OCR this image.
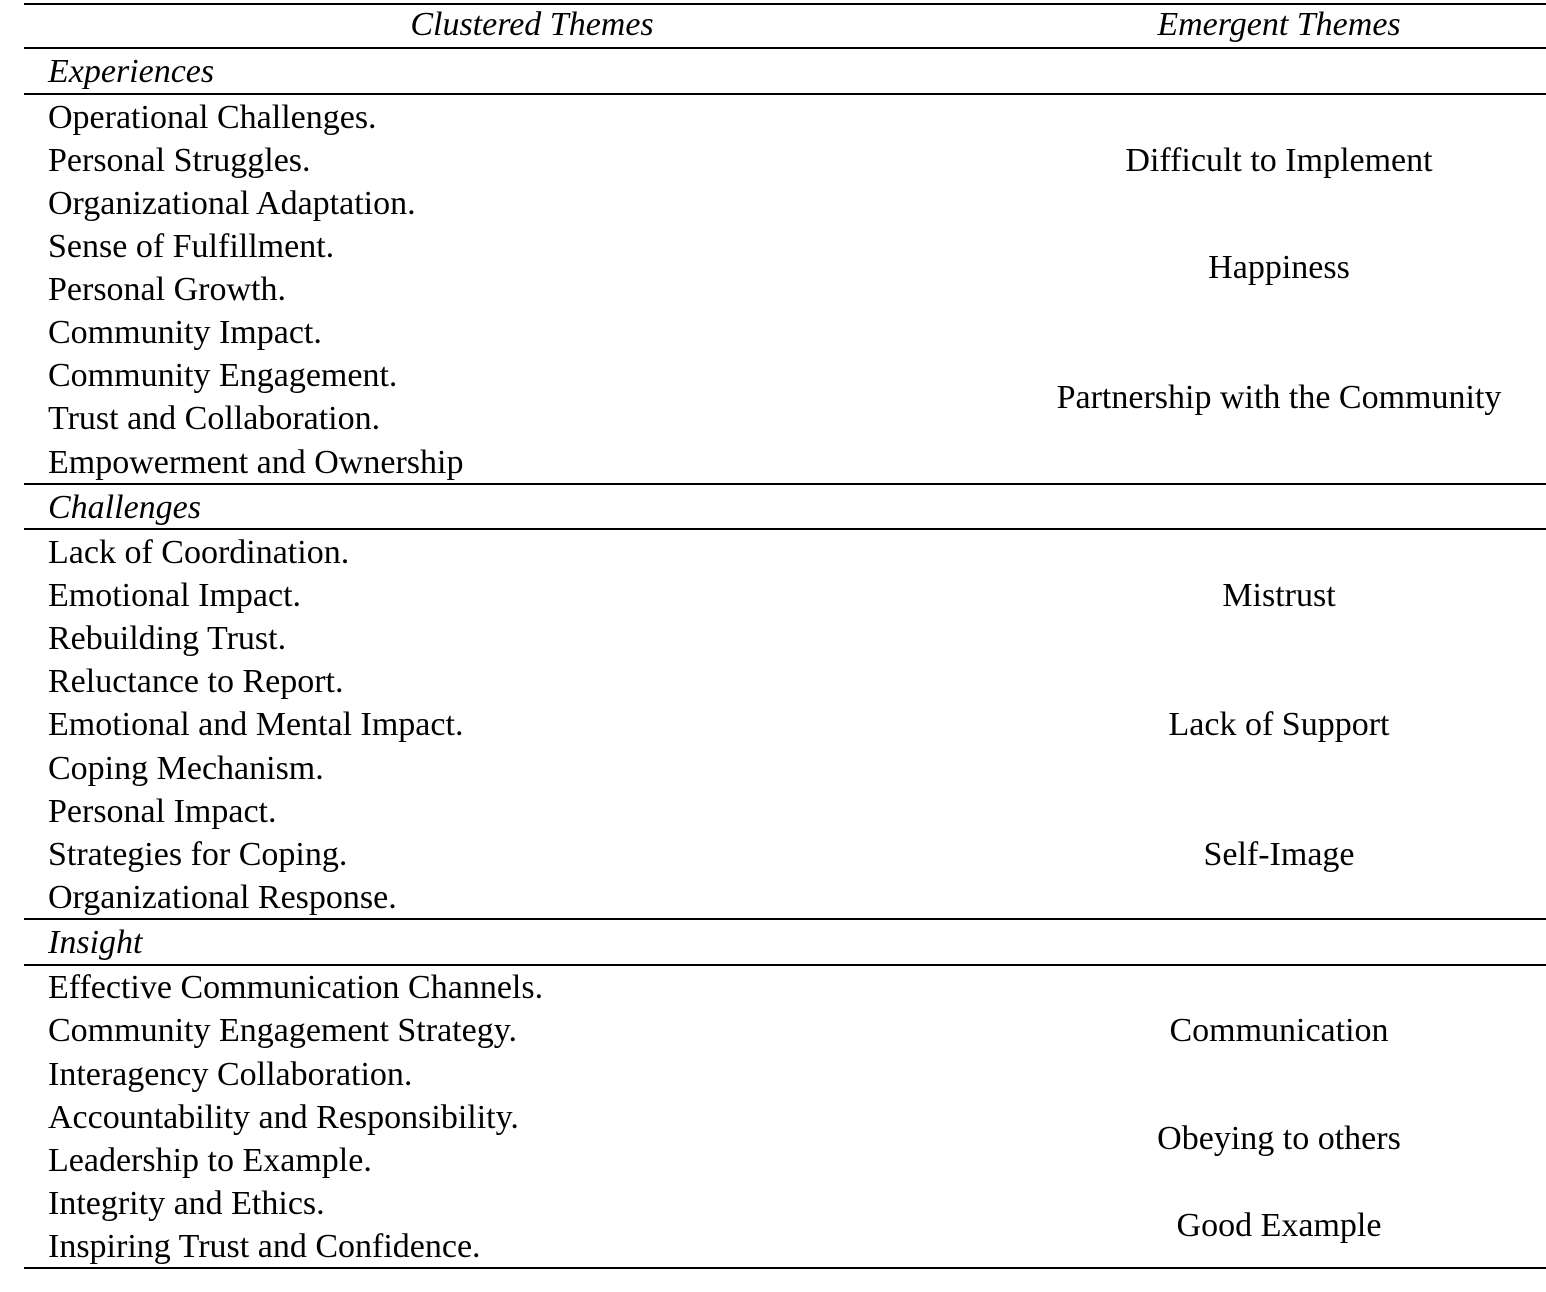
Clustered Themes	Emergent Themes
Experiences
Operational Challenges.
Personal Struggles.
Organizational Adaptation.
Sense of Fulfillment.
Personal Growth.
Community Impact.
Community Engagement.
Trust and Collaboration.
Empowerment and Ownership
Difficult to Implement
Happiness
Partnership with the Community
Challenges
Lack of Coordination.
Emotional Impact.
Rebuilding Trust.
Reluctance to Report.
Emotional and Mental Impact.
Coping Mechanism.
Personal Impact.
Strategies for Coping.
Organizational Response.
Mistrust
Lack of Support
Self-Image
Insight
Effective Communication Channels.
Community Engagement Strategy.
Interagency Collaboration.
Accountability and Responsibility.
Leadership to Example.
Integrity and Ethics.
Inspiring Trust and Confidence.
Communication
Obeying to others
Good Example
